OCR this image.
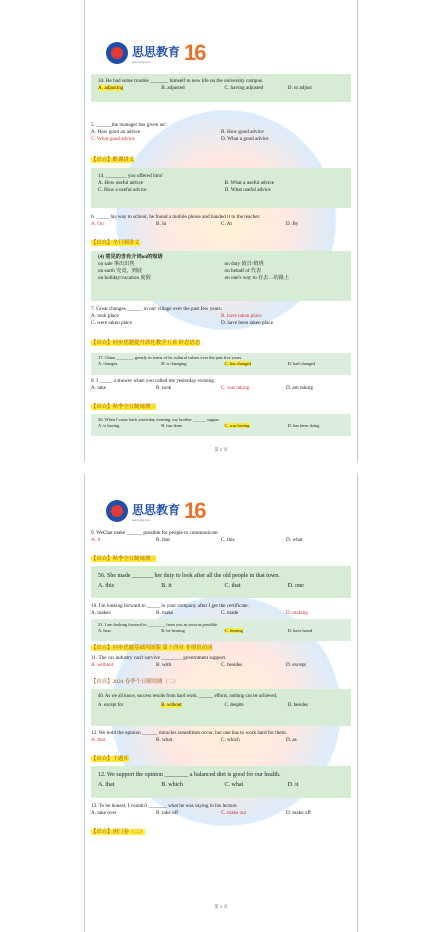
思思教育
www.ssjy.com	16
34. He had some trouble _______ himself to new life on the university campus.
A. adjusting	B. adjusted	C. having adjusted	D. to adjust
5. ______the manager has given us!
A. How good an advice	B. How good advice
C. What good advice	D. What a good advice
【出自】酷课讲义
14. ________ you offered him!
A. How useful advice	B. What a useful advice
C. How a useful advice	D. What useful advice
6. _____ his way to school, he found a mobile phone and handed it to the teacher.
A. On	B. In	C. At	D. By
【出自】全日制讲义
(4) 常见的含有介词on的短语
on sale 事出出售	on duty 值日/值班
on earth 究竟，到底	on behalf of 代表
on holiday/vacation 度假	on one's way to 在去…的路上
7. Great changes ______ in our village over the past few years.
A. took place	B. have taken place
C. were taken place	D. have been taken place
【出自】同步优题提升郭化教学五章 时态语态
17. China ________ greatly in terms of its cultural values over the past five years.
A. changes	B. is changing	C. has changed	D. had changed
8. I _____ a shower when you called me yesterday evening.
A. take	B. took	C. was taking	D. am taking
【出自】秋季全日制周测三
36. When I came back yesterday evening, my brother ______ supper.
A. is having	B. has done	C. was having	D. has been doing
第 2 页
思思教育
www.ssjy.com	16
9. WeChat make ______ possible for people to communicate.
A. it	B. that	C. this	D. what
【出自】秋季全日制周测三
56. She made _______ her duty to look after all the old people in that town.
A. this	B. it	C. that	D. one
10. I'm looking forward to _____ in your company after I get the certificate.
A. makes	B. make	C. made	D. making
21. I am looking forward to ________ from you as soon as possible.
A. hear	B. be hearing	C. hearing	D. have heard
【出自】同步优题基础巩固版 第十四章 非谓语动词
11. The car industry can't survive ________ government support.
A. without	B. with	C. besides	D. except
【出自】2024 春季个日制周测（二）
40. As we all know, success results from hard work; ______ efforts, nothing can be achieved.
A. except for	B. without	C. despite	D. besides
12. We hold the opinion ______ miracles sometimes occur, but one has to work hard for them.
A. that	B. what	C. which	D. as
【出自】千题库
12. We support the opinion ________ a balanced diet is good for our health.
A. that	B. which	C. what	D. it
13. To be honest, I couldn't _______ what he was saying in his lecture.
A. take over	B. take off	C. make out	D. make off
【出自】闭门卷（三）
第 3 页
